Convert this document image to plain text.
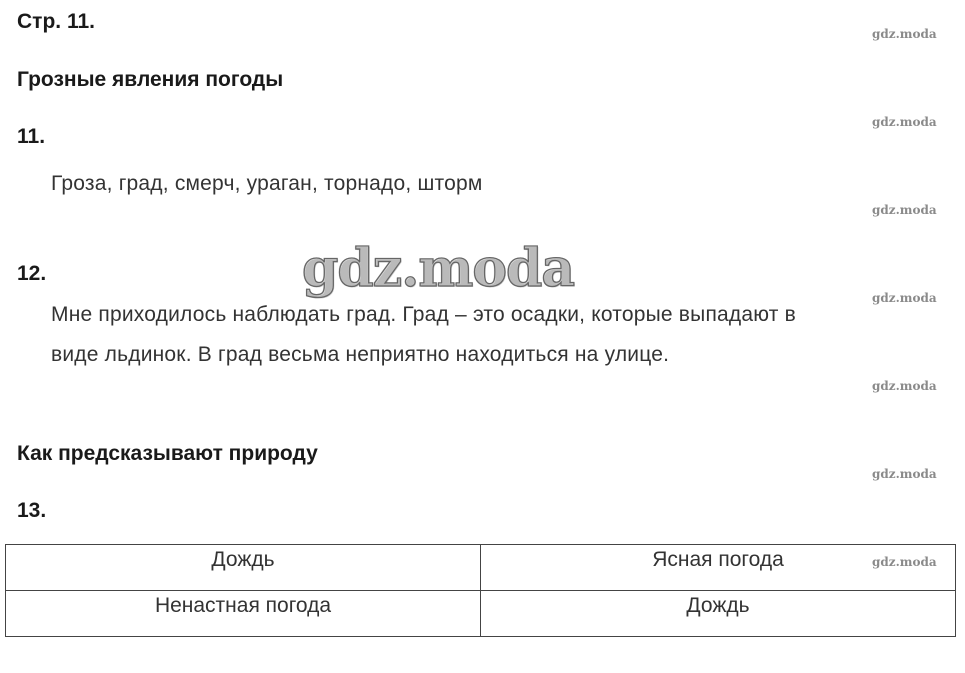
Стр. 11.
Грозные явления погоды
11.
Гроза, град, смерч, ураган, торнадо, шторм
12.
Мне приходилось наблюдать град. Град – это осадки, которые выпадают в
виде льдинок. В град весьма неприятно находиться на улице.
Как предсказывают природу
13.
Дождь	Ясная погода
Ненастная погода	Дождь
gdz.moda
gdz.moda
gdz.moda
gdz.moda
gdz.moda
gdz.moda
gdz.moda
gdz.moda
